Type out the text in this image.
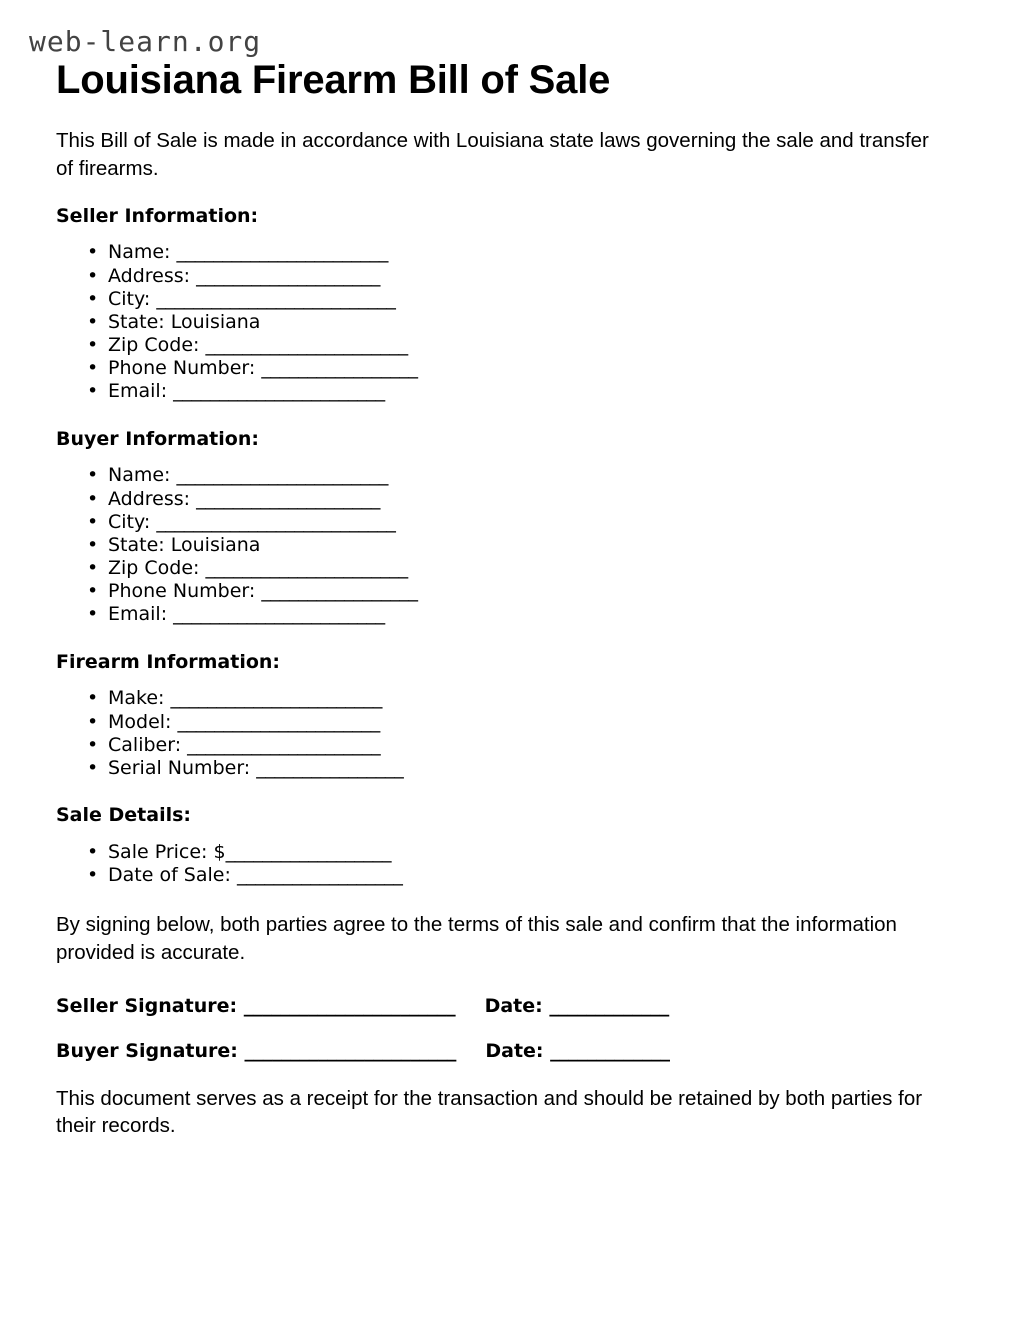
web-learn.org
Louisiana Firearm Bill of Sale

This Bill of Sale is made in accordance with Louisiana state laws governing the sale and transfer of firearms.

Seller Information:
• Name: _______________________
• Address: ____________________
• City: __________________________
• State: Louisiana
• Zip Code: ______________________
• Phone Number: _________________
• Email: _______________________
Buyer Information:
• Name: _______________________
• Address: ____________________
• City: __________________________
• State: Louisiana
• Zip Code: ______________________
• Phone Number: _________________
• Email: _______________________
Firearm Information:
• Make: _______________________
• Model: ______________________
• Caliber: _____________________
• Serial Number: ________________
Sale Details:
• Sale Price: $__________________
• Date of Sale: __________________

By signing below, both parties agree to the terms of this sale and confirm that the information provided is accurate.

Seller Signature: _______________________ Date: _____________
Buyer Signature: _______________________ Date: _____________

This document serves as a receipt for the transaction and should be retained by both parties for their records.
